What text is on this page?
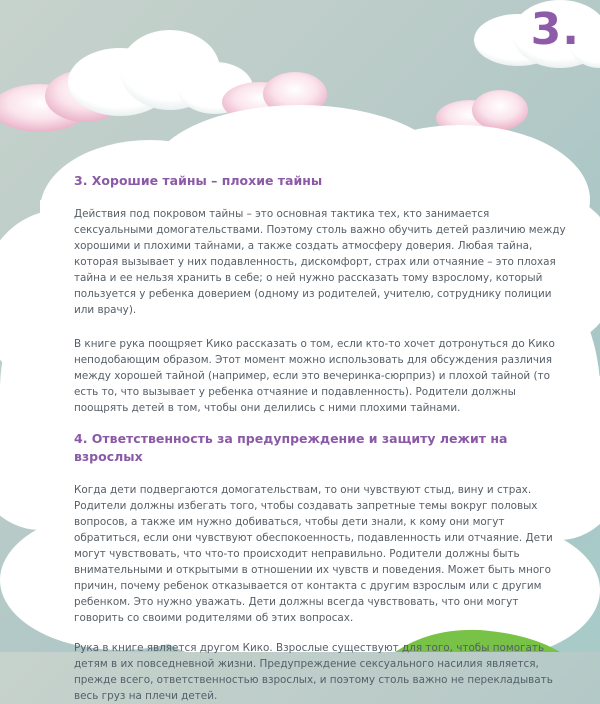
3.
3. Хорошие тайны – плохие тайны

Действия под покровом тайны – это основная тактика тех, кто занимается сексуальными домогательствами. Поэтому столь важно обучить детей различию между хорошими и плохими тайнами, а также создать атмосферу доверия. Любая тайна, которая вызывает у них подавленность, дискомфорт, страх или отчаяние – это плохая тайна и ее нельзя хранить в себе; о ней нужно рассказать тому взрослому, который пользуется у ребенка доверием (одному из родителей, учителю, сотруднику полиции или врачу).

В книге рука поощряет Кико рассказать о том, если кто-то хочет дотронуться до Кико неподобающим образом. Этот момент можно использовать для обсуждения различия между хорошей тайной (например, если это вечеринка-сюрприз) и плохой тайной (то есть то, что вызывает у ребенка отчаяние и подавленность). Родители должны поощрять детей в том, чтобы они делились с ними плохими тайнами.

4. Ответственность за предупреждение и защиту лежит на взрослых

Когда дети подвергаются домогательствам, то они чувствуют стыд, вину и страх. Родители должны избегать того, чтобы создавать запретные темы вокруг половых вопросов, а также им нужно добиваться, чтобы дети знали, к кому они могут обратиться, если они чувствуют обеспокоенность, подавленность или отчаяние. Дети могут чувствовать, что что-то происходит неправильно. Родители должны быть внимательными и открытыми в отношении их чувств и поведения. Может быть много причин, почему ребенок отказывается от контакта с другим взрослым или с другим ребенком. Это нужно уважать. Дети должны всегда чувствовать, что они могут говорить со своими родителями об этих вопросах.

Рука в книге является другом Кико. Взрослые существуют для того, чтобы помогать детям в их повседневной жизни. Предупреждение сексуального насилия является, прежде всего, ответственностью взрослых, и поэтому столь важно не перекладывать весь груз на плечи детей.
